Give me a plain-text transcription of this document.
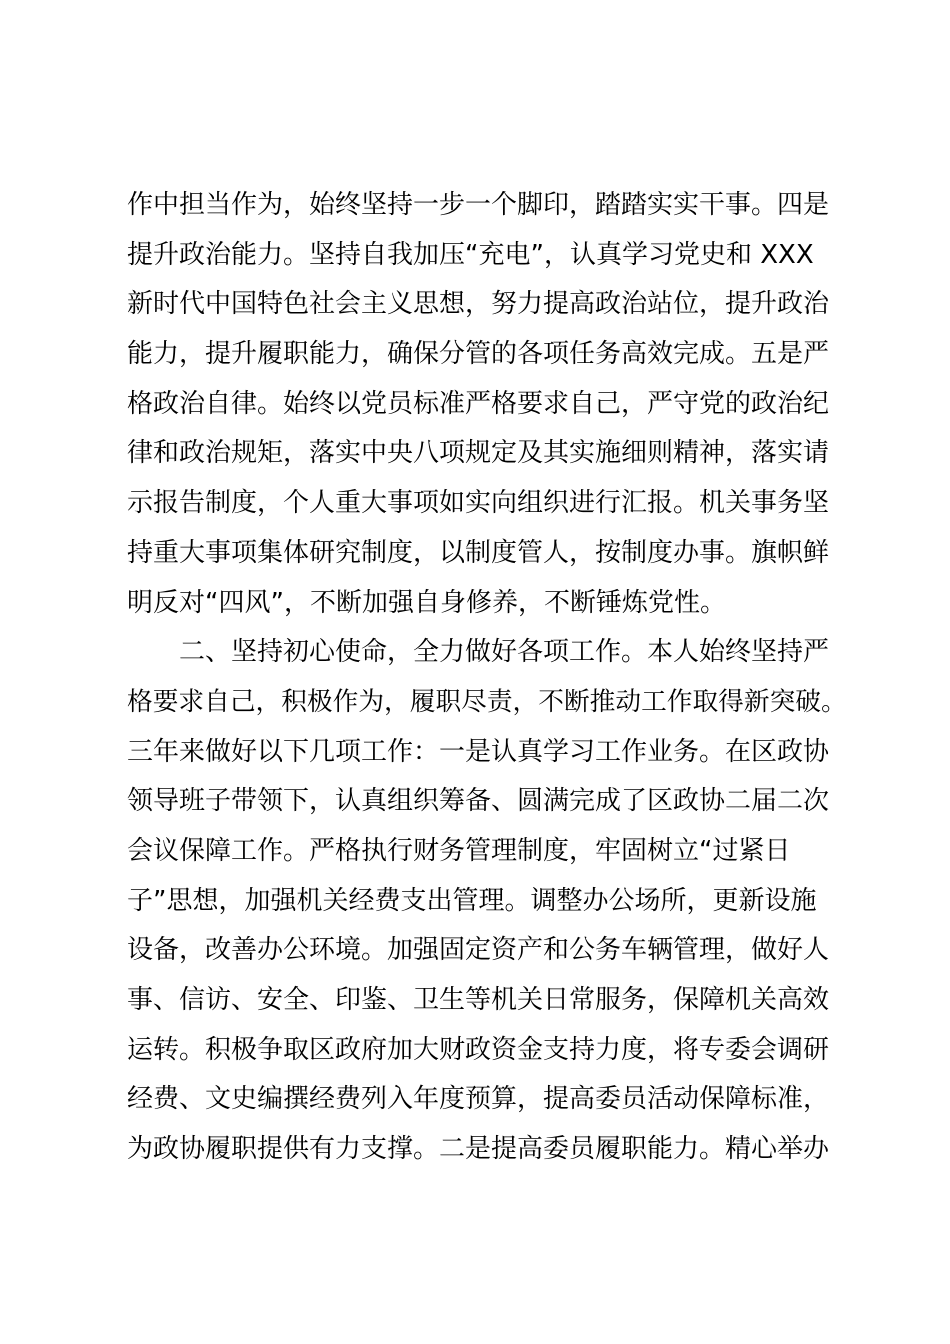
作中担当作为，始终坚持一步一个脚印，踏踏实实干事。四是
提升政治能力。坚持自我加压“充电”，认真学习党史和 XXX
新时代中国特色社会主义思想，努力提高政治站位，提升政治
能力，提升履职能力，确保分管的各项任务高效完成。五是严
格政治自律。始终以党员标准严格要求自己，严守党的政治纪
律和政治规矩，落实中央八项规定及其实施细则精神，落实请
示报告制度，个人重大事项如实向组织进行汇报。机关事务坚
持重大事项集体研究制度，以制度管人，按制度办事。旗帜鲜
明反对“四风”，不断加强自身修养，不断锤炼党性。
二、坚持初心使命，全力做好各项工作。本人始终坚持严
格要求自己，积极作为，履职尽责，不断推动工作取得新突破。
三年来做好以下几项工作：一是认真学习工作业务。在区政协
领导班子带领下，认真组织筹备、圆满完成了区政协二届二次
会议保障工作。严格执行财务管理制度，牢固树立“过紧日
子”思想，加强机关经费支出管理。调整办公场所，更新设施
设备，改善办公环境。加强固定资产和公务车辆管理，做好人
事、信访、安全、印鉴、卫生等机关日常服务，保障机关高效
运转。积极争取区政府加大财政资金支持力度，将专委会调研
经费、文史编撰经费列入年度预算，提高委员活动保障标准，
为政协履职提供有力支撑。二是提高委员履职能力。精心举办
